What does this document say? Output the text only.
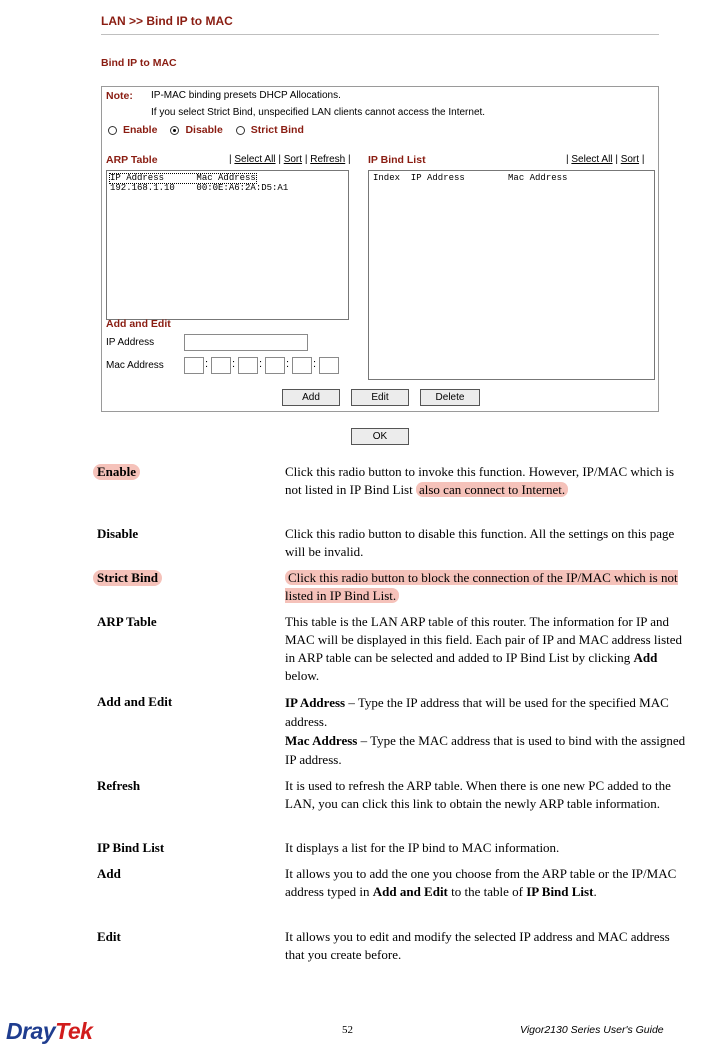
LAN >> Bind IP to MAC
Bind IP to MAC
Note: IP-MAC binding presets DHCP Allocations.
If you select Strict Bind, unspecified LAN clients cannot access the Internet.
Enable	Disable	Strict Bind
ARP Table	| Select All | Sort | Refresh | IP Bind List	| Select All | Sort |
IP Address      Mac Address
192.168.1.10    00:0E:A6:2A:D5:A1
Index  IP Address        Mac Address
Add and Edit
IP Address
Mac Address	: : : : :
Add	Edit	Delete
OK
Enable	Click this radio button to invoke this function. However, IP/MAC which is not listed in IP Bind List also can connect to Internet.
Disable	Click this radio button to disable this function. All the settings on this page will be invalid.
Strict Bind	Click this radio button to block the connection of the IP/MAC which is not listed in IP Bind List.
ARP Table	This table is the LAN ARP table of this router. The information for IP and MAC will be displayed in this field. Each pair of IP and MAC address listed in ARP table can be selected and added to IP Bind List by clicking Add below.
Add and Edit	IP Address – Type the IP address that will be used for the specified MAC address.
Mac Address – Type the MAC address that is used to bind with the assigned IP address.
Refresh	It is used to refresh the ARP table. When there is one new PC added to the LAN, you can click this link to obtain the newly ARP table information.
IP Bind List	It displays a list for the IP bind to MAC information.
Add	It allows you to add the one you choose from the ARP table or the IP/MAC address typed in Add and Edit to the table of IP Bind List.
Edit	It allows you to edit and modify the selected IP address and MAC address that you create before.
DrayTek	52	Vigor2130 Series User's Guide
